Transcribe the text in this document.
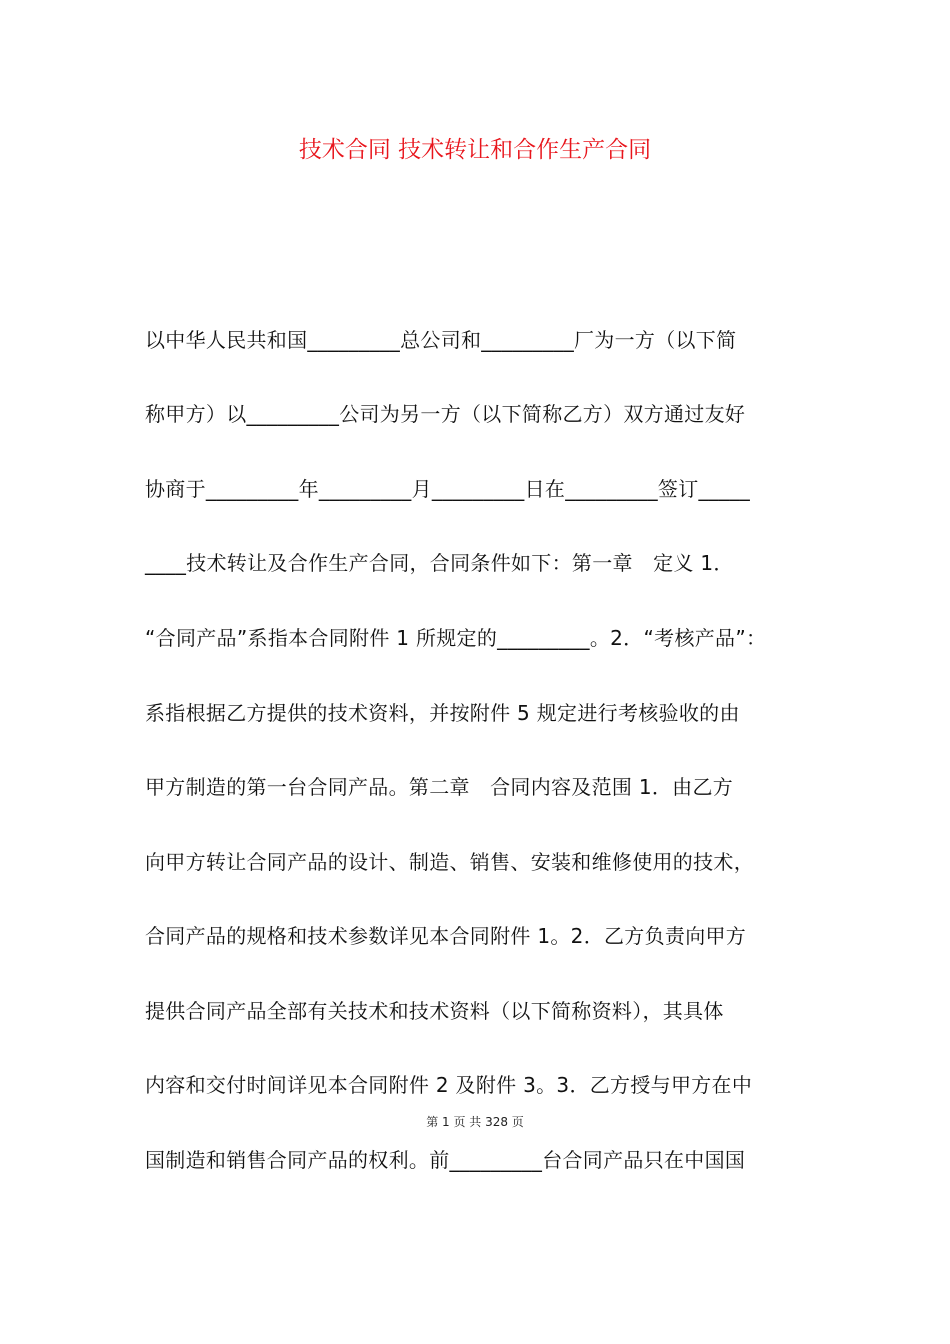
技术合同 技术转让和合作生产合同
以中华人民共和国_________总公司和_________厂为一方（以下简
称甲方）以_________公司为另一方（以下简称乙方）双方通过友好
协商于_________年_________月_________日在_________签订_____
____技术转让及合作生产合同，合同条件如下：第一章　定义 1．
“合同产品”系指本合同附件 1 所规定的_________。2．“考核产品”：
系指根据乙方提供的技术资料，并按附件 5 规定进行考核验收的由
甲方制造的第一台合同产品。第二章　合同内容及范围 1．由乙方
向甲方转让合同产品的设计、制造、销售、安装和维修使用的技术，
合同产品的规格和技术参数详见本合同附件 1。2．乙方负责向甲方
提供合同产品全部有关技术和技术资料（以下简称资料），其具体
内容和交付时间详见本合同附件 2 及附件 3。3．乙方授与甲方在中
国制造和销售合同产品的权利。前_________台合同产品只在中国国
第 1 页 共 328 页
